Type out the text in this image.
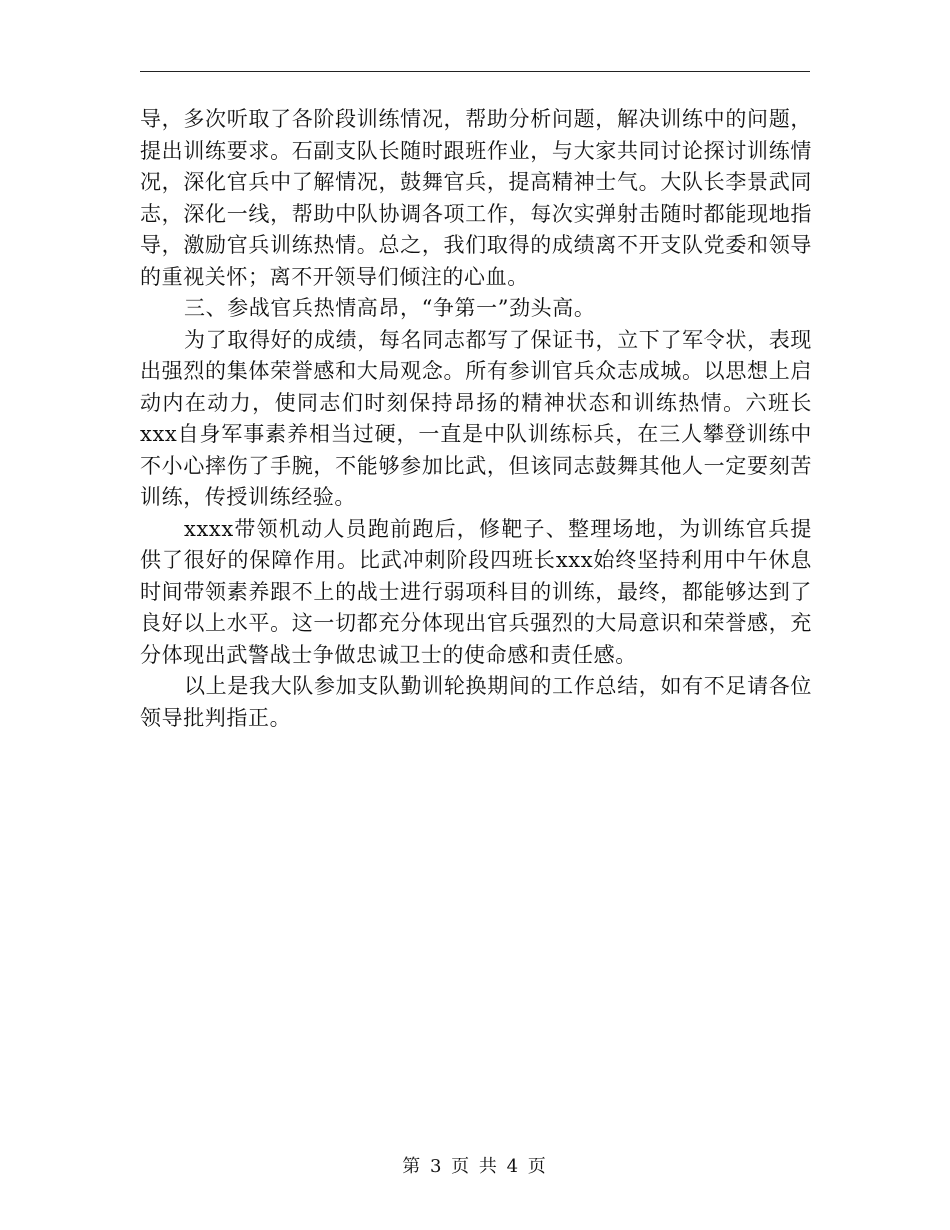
导，多次听取了各阶段训练情况，帮助分析问题，解决训练中的问题，提出训练要求。石副支队长随时跟班作业，与大家共同讨论探讨训练情况，深化官兵中了解情况，鼓舞官兵，提高精神士气。大队长李景武同志，深化一线，帮助中队协调各项工作，每次实弹射击随时都能现地指导，激励官兵训练热情。总之，我们取得的成绩离不开支队党委和领导的重视关怀；离不开领导们倾注的心血。

三、参战官兵热情高昂，“争第一”劲头高。

为了取得好的成绩，每名同志都写了保证书，立下了军令状，表现出强烈的集体荣誉感和大局观念。所有参训官兵众志成城。以思想上启动内在动力，使同志们时刻保持昂扬的精神状态和训练热情。六班长xxx自身军事素养相当过硬，一直是中队训练标兵，在三人攀登训练中不小心摔伤了手腕，不能够参加比武，但该同志鼓舞其他人一定要刻苦训练，传授训练经验。

xxxx带领机动人员跑前跑后，修靶子、整理场地，为训练官兵提供了很好的保障作用。比武冲刺阶段四班长xxx始终坚持利用中午休息时间带领素养跟不上的战士进行弱项科目的训练，最终，都能够达到了良好以上水平。这一切都充分体现出官兵强烈的大局意识和荣誉感，充分体现出武警战士争做忠诚卫士的使命感和责任感。

以上是我大队参加支队勤训轮换期间的工作总结，如有不足请各位领导批判指正。

第 3 页 共 4 页
